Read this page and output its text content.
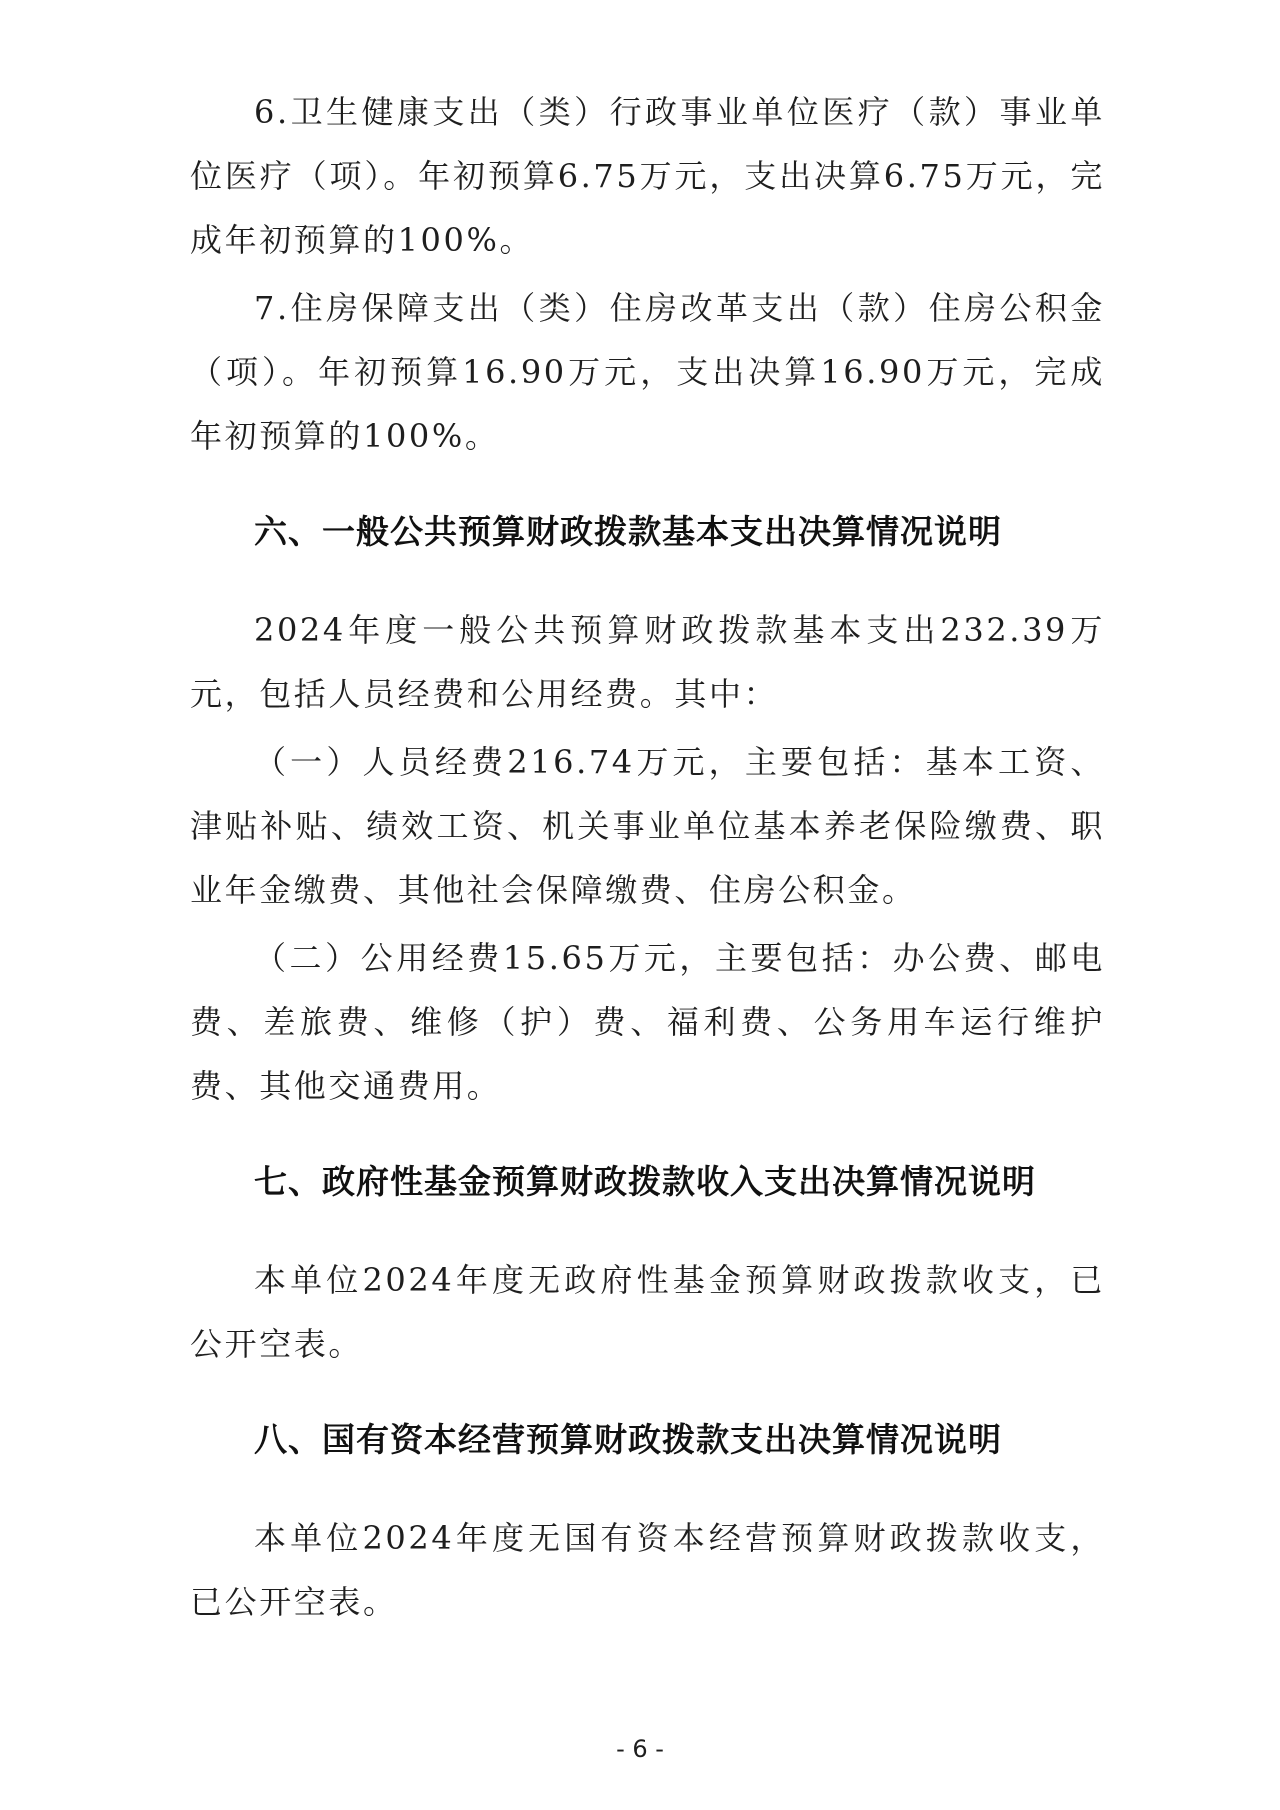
6.卫生健康支出（类）行政事业单位医疗（款）事业单位医疗（项）。年初预算6.75万元，支出决算6.75万元，完成年初预算的100%。

7.住房保障支出（类）住房改革支出（款）住房公积金（项）。年初预算16.90万元，支出决算16.90万元，完成年初预算的100%。

六、一般公共预算财政拨款基本支出决算情况说明

2024年度一般公共预算财政拨款基本支出232.39万元，包括人员经费和公用经费。其中：

（一）人员经费216.74万元，主要包括：基本工资、津贴补贴、绩效工资、机关事业单位基本养老保险缴费、职业年金缴费、其他社会保障缴费、住房公积金。

（二）公用经费15.65万元，主要包括：办公费、邮电费、差旅费、维修（护）费、福利费、公务用车运行维护费、其他交通费用。

七、政府性基金预算财政拨款收入支出决算情况说明

本单位2024年度无政府性基金预算财政拨款收支，已公开空表。

八、国有资本经营预算财政拨款支出决算情况说明

本单位2024年度无国有资本经营预算财政拨款收支，已公开空表。

- 6 -
